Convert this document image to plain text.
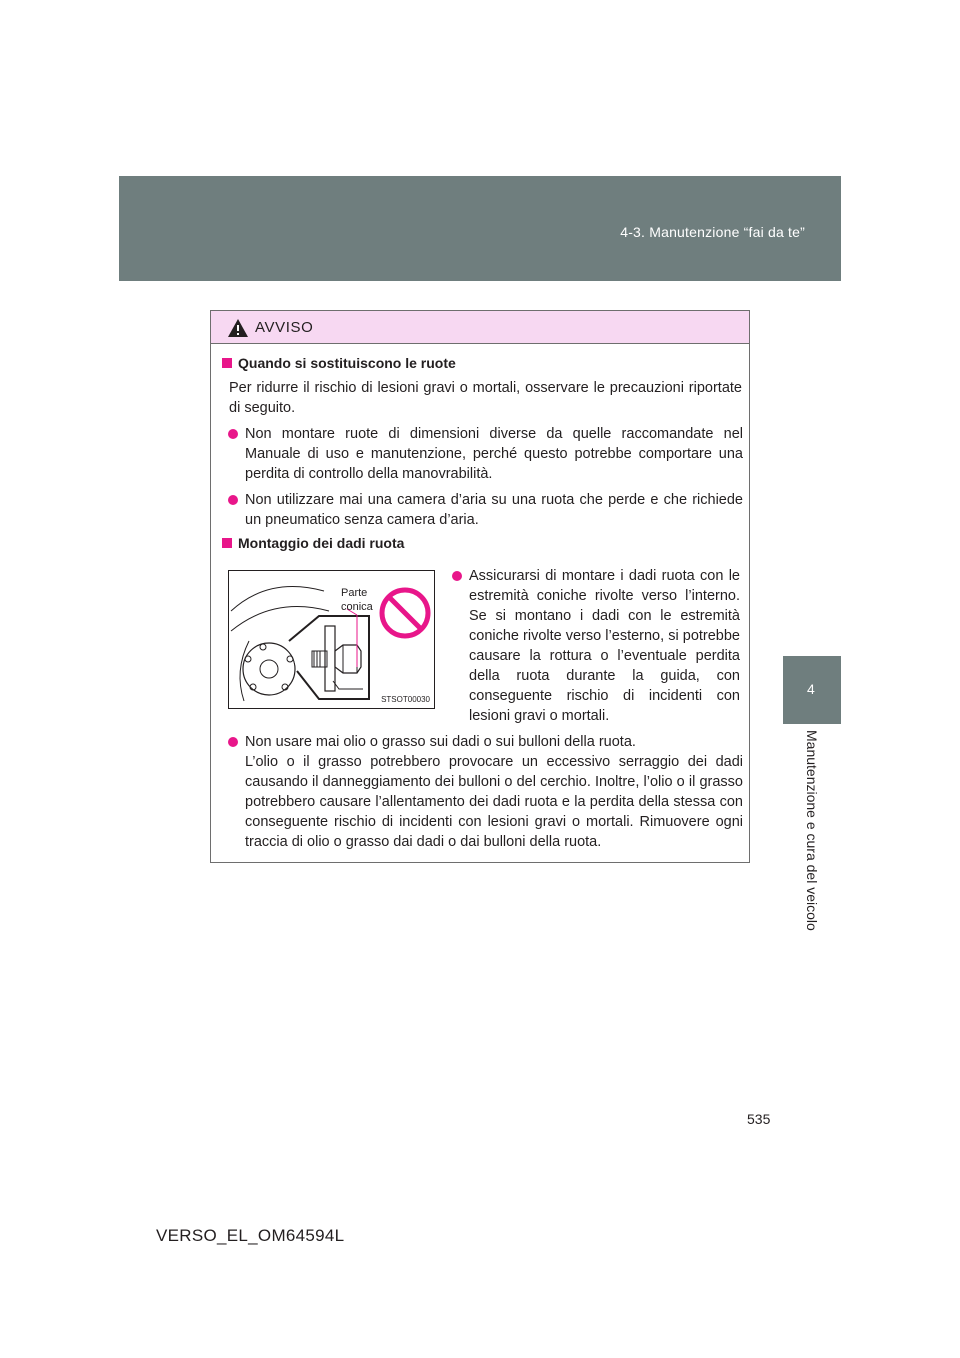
4-3. Manutenzione “fai da te”
4
Manutenzione e cura del veicolo
AVVISO
Quando si sostituiscono le ruote
Per ridurre il rischio di lesioni gravi o mortali, osservare le precauzioni riportate di seguito.
Non montare ruote di dimensioni diverse da quelle raccomandate nel Manuale di uso e manutenzione, perché questo potrebbe comportare una perdita di controllo della manovrabilità.
Non utilizzare mai una camera d’aria su una ruota che perde e che richiede un pneumatico senza camera d’aria.
Montaggio dei dadi ruota
Parte
conica
STSOT00030
Assicurarsi di montare i dadi ruota con le estremità coniche rivolte verso l’interno. Se si montano i dadi con le estremità coniche rivolte verso l’esterno, si potrebbe causare la rottura o l’eventuale perdita della ruota durante la guida, con conseguente rischio di incidenti con lesioni gravi o mortali.
Non usare mai olio o grasso sui dadi o sui bulloni della ruota.
L’olio o il grasso potrebbero provocare un eccessivo serraggio dei dadi causando il danneggiamento dei bulloni o del cerchio. Inoltre, l’olio o il grasso potrebbero causare l’allentamento dei dadi ruota e la perdita della stessa con conseguente rischio di incidenti con lesioni gravi o mortali. Rimuovere ogni traccia di olio o grasso dai dadi o dai bulloni della ruota.
535
VERSO_EL_OM64594L
